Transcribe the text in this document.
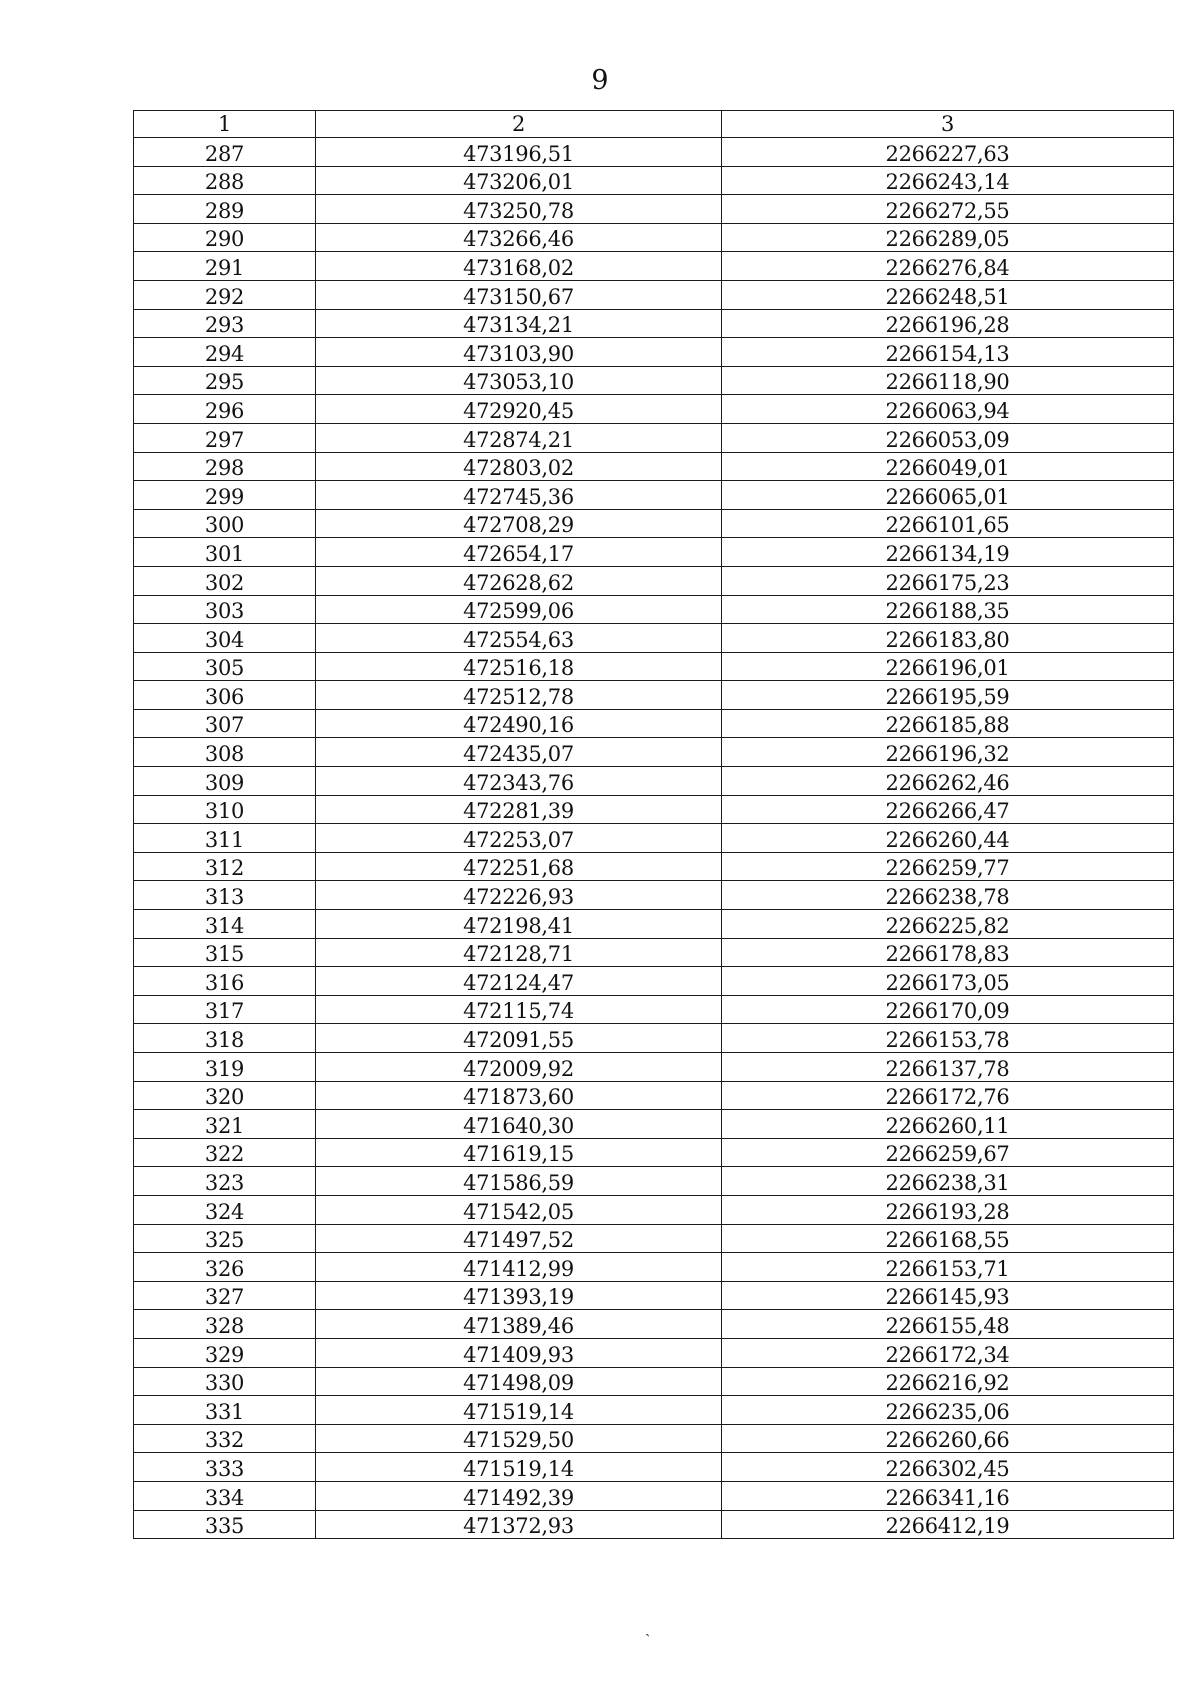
9
1	2	3
287	473196,51	2266227,63
288	473206,01	2266243,14
289	473250,78	2266272,55
290	473266,46	2266289,05
291	473168,02	2266276,84
292	473150,67	2266248,51
293	473134,21	2266196,28
294	473103,90	2266154,13
295	473053,10	2266118,90
296	472920,45	2266063,94
297	472874,21	2266053,09
298	472803,02	2266049,01
299	472745,36	2266065,01
300	472708,29	2266101,65
301	472654,17	2266134,19
302	472628,62	2266175,23
303	472599,06	2266188,35
304	472554,63	2266183,80
305	472516,18	2266196,01
306	472512,78	2266195,59
307	472490,16	2266185,88
308	472435,07	2266196,32
309	472343,76	2266262,46
310	472281,39	2266266,47
311	472253,07	2266260,44
312	472251,68	2266259,77
313	472226,93	2266238,78
314	472198,41	2266225,82
315	472128,71	2266178,83
316	472124,47	2266173,05
317	472115,74	2266170,09
318	472091,55	2266153,78
319	472009,92	2266137,78
320	471873,60	2266172,76
321	471640,30	2266260,11
322	471619,15	2266259,67
323	471586,59	2266238,31
324	471542,05	2266193,28
325	471497,52	2266168,55
326	471412,99	2266153,71
327	471393,19	2266145,93
328	471389,46	2266155,48
329	471409,93	2266172,34
330	471498,09	2266216,92
331	471519,14	2266235,06
332	471529,50	2266260,66
333	471519,14	2266302,45
334	471492,39	2266341,16
335	471372,93	2266412,19
ˏ
